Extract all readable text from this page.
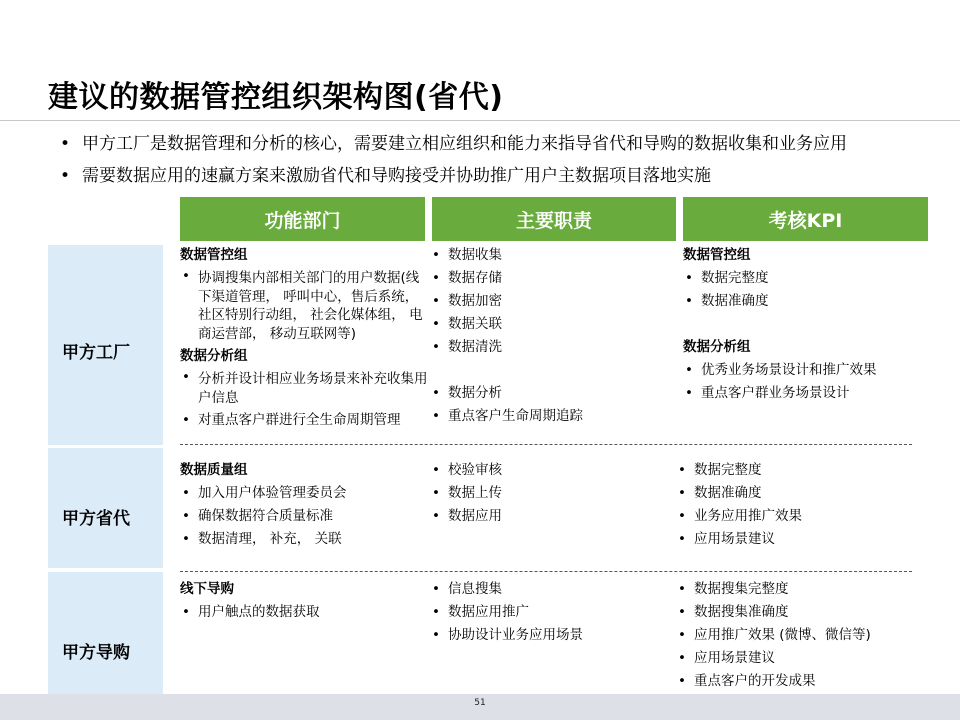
建议的数据管控组织架构图(省代)
• 甲方工厂是数据管理和分析的核心，需要建立相应组织和能力来指导省代和导购的数据收集和业务应用
• 需要数据应用的速赢方案来激励省代和导购接受并协助推广用户主数据项目落地实施
功能部门	主要职责	考核KPI
甲方工厂
甲方省代
甲方导购
数据管控组
• 协调搜集内部相关部门的用户数据(线下渠道管理， 呼叫中心，售后系统，社区特别行动组， 社会化媒体组， 电商运营部， 移动互联网等)
数据分析组
• 分析并设计相应业务场景来补充收集用户信息
• 对重点客户群进行全生命周期管理
• 数据收集
• 数据存储
• 数据加密
• 数据关联
• 数据清洗
• 数据分析
• 重点客户生命周期追踪
数据管控组
• 数据完整度
• 数据准确度
数据分析组
• 优秀业务场景设计和推广效果
• 重点客户群业务场景设计
数据质量组
• 加入用户体验管理委员会
• 确保数据符合质量标准
• 数据清理， 补充， 关联
• 校验审核
• 数据上传
• 数据应用
• 数据完整度
• 数据准确度
• 业务应用推广效果
• 应用场景建议
线下导购
• 用户触点的数据获取
• 信息搜集
• 数据应用推广
• 协助设计业务应用场景
• 数据搜集完整度
• 数据搜集准确度
• 应用推广效果 (微博、微信等)
• 应用场景建议
• 重点客户的开发成果
51
